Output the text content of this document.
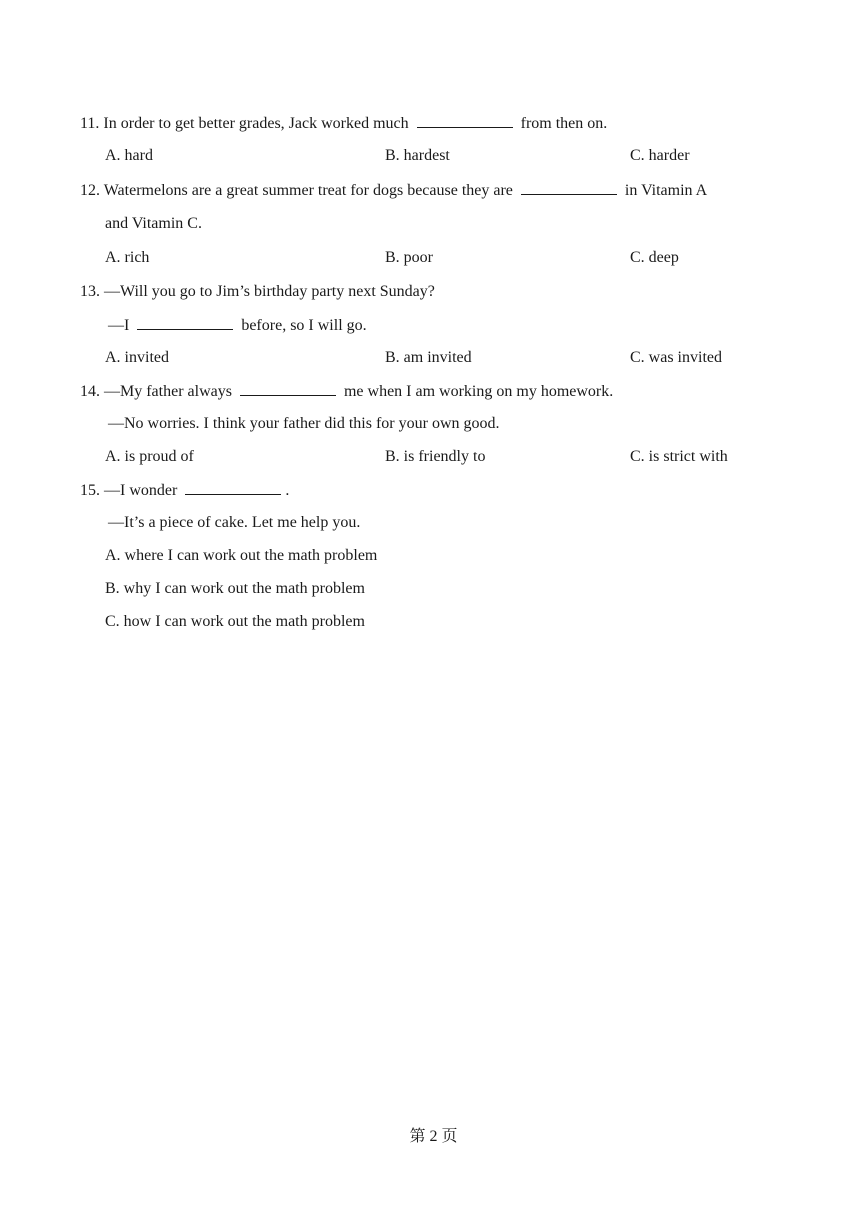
11. In order to get better grades, Jack worked much	from then on.
A. hard	B. hardest	C. harder
12. Watermelons are a great summer treat for dogs because they are	in Vitamin A
and Vitamin C.
A. rich	B. poor	C. deep
13. —Will you go to Jim’s birthday party next Sunday?
—I	before, so I will go.
A. invited	B. am invited	C. was invited
14. —My father always	me when I am working on my homework.
—No worries. I think your father did this for your own good.
A. is proud of	B. is friendly to	C. is strict with
15. —I wonder	.
—It’s a piece of cake. Let me help you.
A. where I can work out the math problem
B. why I can work out the math problem
C. how I can work out the math problem
第 2 页
